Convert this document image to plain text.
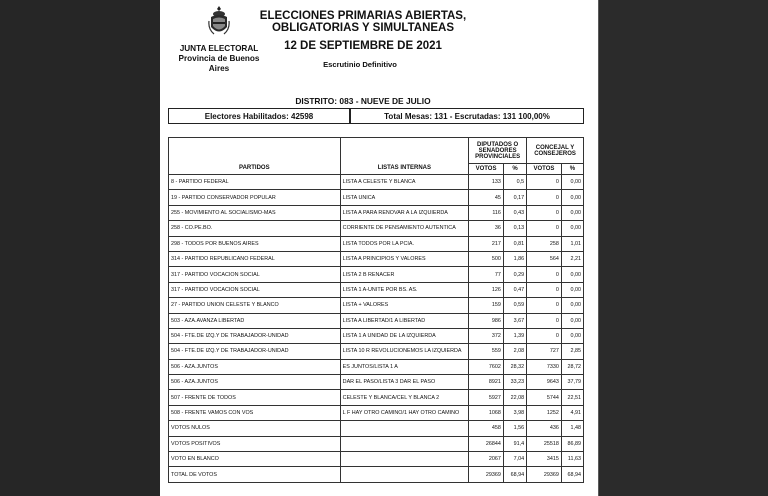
JUNTA ELECTORAL
Provincia de Buenos Aires
ELECCIONES PRIMARIAS ABIERTAS,
OBLIGATORIAS Y SIMULTANEAS
12 DE SEPTIEMBRE DE 2021
Escrutinio Definitivo
DISTRITO: 083 - NUEVE DE JULIO
Electores Habilitados: 42598	Total Mesas: 131 - Escrutadas: 131 100,00%
PARTIDOS	LISTAS INTERNAS	DIPUTADOS O SENADORES PROVINCIALES		CONCEJAL Y CONSEJEROS	
		VOTOS	%	VOTOS	%
8 - PARTIDO FEDERAL	LISTA A CELESTE Y BLANCA	133	0,5	0	0,00
19 - PARTIDO CONSERVADOR POPULAR	LISTA UNICA	45	0,17	0	0,00
255 - MOVIMIENTO AL SOCIALISMO-MAS	LISTA A PARA RENOVAR A LA IZQUIERDA	116	0,43	0	0,00
258 - CO.PE.BO.	CORRIENTE DE PENSAMIENTO AUTENTICA	36	0,13	0	0,00
298 - TODOS POR BUENOS AIRES	LISTA TODOS POR LA PCIA.	217	0,81	258	1,01
314 - PARTIDO REPUBLICANO FEDERAL	LISTA A PRINCIPIOS Y VALORES	500	1,86	564	2,21
317 - PARTIDO VOCACION SOCIAL	LISTA 2 B RENACER	77	0,29	0	0,00
317 - PARTIDO VOCACION SOCIAL	LISTA 1 A-UNITE POR BS. AS.	126	0,47	0	0,00
27 - PARTIDO UNION CELESTE Y BLANCO	LISTA + VALORES	159	0,59	0	0,00
503 - AZA.AVANZA LIBERTAD	LISTA A LIBERTAD/1 A LIBERTAD	986	3,67	0	0,00
504 - FTE.DE IZQ.Y DE TRABAJADOR-UNIDAD	LISTA 1 A UNIDAD DE LA IZQUIERDA	372	1,39	0	0,00
504 - FTE.DE IZQ.Y DE TRABAJADOR-UNIDAD	LISTA 10 R REVOLUCIONEMOS LA IZQUIERDA	559	2,08	727	2,85
506 - AZA.JUNTOS	ES JUNTOS/LISTA 1 A	7602	28,32	7330	28,72
506 - AZA.JUNTOS	DAR EL PASO/LISTA 3 DAR EL PASO	8921	33,23	9643	37,79
507 - FRENTE DE TODOS	CELESTE Y BLANCA/CEL Y BLANCA 2	5927	22,08	5744	22,51
508 - FRENTE VAMOS CON VOS	L F HAY OTRO CAMINO/1 HAY OTRO CAMINO	1068	3,98	1252	4,91
VOTOS NULOS		458	1,56	436	1,48
VOTOS POSITIVOS		26844	91,4	25518	86,89
VOTO EN BLANCO		2067	7,04	3415	11,63
TOTAL DE VOTOS		29369	68,94	29369	68,94
